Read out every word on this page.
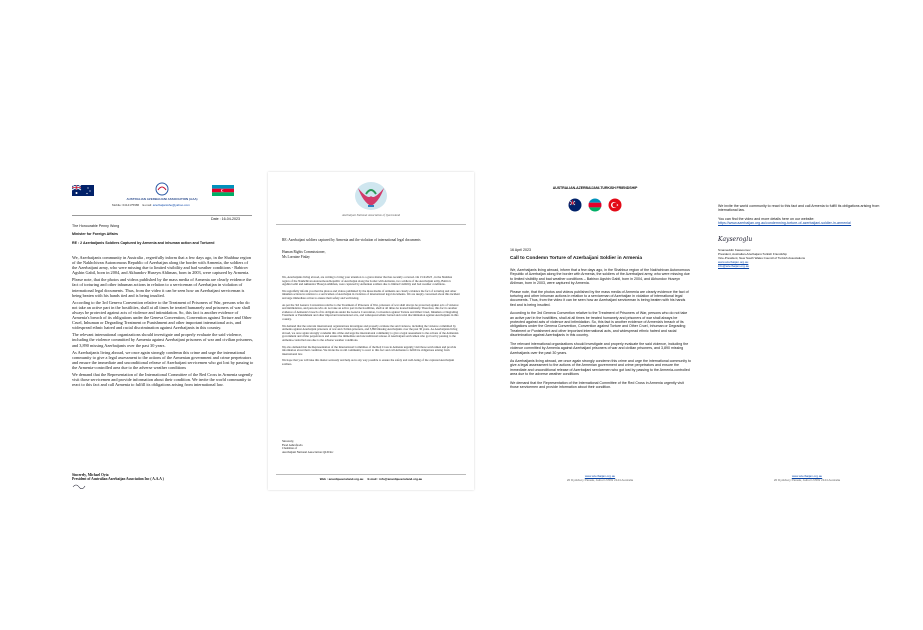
AUSTRALIAN AZERBAIJANI ASSOCIATION (AAA)
Mobile: 0414175986 E-mail: azerbaijanishe@yahoo.com
Date : 16-04-2023
The Honourable Penny Wong
Minister for Foreign Affairs
RE : 2 Azerbaijanis Soldiers Captured by Armenia and inhuman action and Tortured

We, Azerbaijanis community in Australia , regretfully inform that a few days ago, in the Shahbuz region of the Nakhchivan Autonomous Republic of Azerbaijan along the border with Armenia, the soldiers of the Azerbaijani army, who were missing due to limited visibility and bad weather conditions - Babirov Agshin Gabil, born in 2004, and Akhundov Huseyn Ahliman, born in 2003, were captured by Armenia.

Please note, that the photos and videos published by the mass media of Armenia are clearly evidence the fact of torturing and other inhuman actions in relation to a serviceman of Azerbaijan in violation of international legal documents. Thus, from the video it can be seen how an Azerbaijani serviceman is being beaten with his hands tied and is being insulted.

According to the 3rd Geneva Convention relative to the Treatment of Prisoners of War, persons who do not take an active part in the hostilities, shall at all times be treated humanely and prisoners of war shall always be protected against acts of violence and intimidation. So, this fact is another evidence of Armenia's breach of its obligations under the Geneva Convention, Convention against Torture and Other Cruel, Inhuman or Degrading Treatment or Punishment and other important international acts, and widespread ethnic hatred and racial discrimination against Azerbaijanis in this country.

The relevant international organizations should investigate and properly evaluate the said violence, including the violence committed by Armenia against Azerbaijani prisoners of war and civilian prisoners, and 3,890 missing Azerbaijanis over the past 30 years.

As Azerbaijanis living abroad, we once again strongly condemn this crime and urge the international community to give a legal assessment to the actions of the Armenian government and crime perpetrators and ensure the immediate and unconditional release of Azerbaijani servicemen who got lost by passing to the Armenia-controlled area due to the adverse weather conditions

We demand that the Representation of the International Committee of the Red Cross in Armenia urgently visit those servicemen and provide information about their condition. We invite the world community to react to this fact and call Armenia to fulfill its obligations arising from international law.

Sincerely, Michael Oyta
President of Australian Azerbaijan Association Inc ( A.A.A )
Azerbaijani National Association of Queensland
RE: Azerbaijani soldiers captured by Armenia and the violation of international legal documents
Human Rights Commissioner,
Ms Lorraine Finlay

We, Azerbaijanis living abroad, are writing to bring your attention to a grave matter that has recently occurred. On 15/4/2023 , in the Shahbuz region of the Nakhchivan Autonomous Republic of Azerbaijan along the border with Armenia, two soldiers of the Azerbaijani army, Babirov Agshin Gabil and Akhundov Huseyn Ahliman, were captured by Armenian soldiers due to limited visibility and bad weather conditions.

We regretfully inform you that the photos and videos published by the mass media of Armenia are clearly evidence the fact of torturing and other inhuman actions in relation to a serviceman of Azerbaijan in violation of international legal documents. We are deeply concerned about this incident and urge immediate action to ensure their safety and well-being.

As per the 3rd Geneva Convention relative to the Treatment of Prisoners of War, prisoners of war shall always be protected against acts of violence and intimidation, and persons who do not take an active part in the hostilities, shall at all times be treated humanely. Therefore, this fact is another evidence of Armenia's breach of its obligations under the Geneva Convention, Convention against Torture and Other Cruel, Inhuman or Degrading Treatment or Punishment and other important international acts, and widespread ethnic hatred and racial discrimination against Azerbaijanis in this country.

We demand that the relevant international organizations investigate and properly evaluate the said violence, including the violence committed by Armenia against Azerbaijani prisoners of war and civilian prisoners, and 3,890 missing Azerbaijanis over the past 30 years. As Azerbaijanis living abroad, we once again strongly condemn this crime and urge the international community to give a legal assessment to the actions of the Armenian government and crime perpetrators and ensure the immediate and unconditional release of Azerbaijani servicemen who got lost by passing to the Armenia-controlled area due to the adverse weather conditions.

We also demand that the Representation of the International Committee of the Red Cross in Armenia urgently visit those servicemen and provide information about their condition. We invite the world community to react to this fact and call Armenia to fulfill its obligations arising from international law.

We hope that you will take this matter seriously and help us in any way possible to ensure the safety and well-being of the captured Azerbaijani soldiers.

Sincerely,
Fuad Ashrafzoda
Chairman of
Azerbaijani National Association QLD Inc
Web : anaofqueensland.org.au     E-mail : info@anaofqueensland.org.au
AUSTRALIAN-AZERBAIJANI-TURKISH FRIENDSHIP
16 April 2023
Call to Condemn Torture of Azerbaijani Soldier in Armenia

We, Azerbaijanis living abroad, inform that a few days ago, in the Shahbuz region of the Nakhchivan Autonomous Republic of Azerbaijan along the border with Armenia, the soldiers of the Azerbaijani army, who were missing due to limited visibility and bad weather conditions – Babirov Agshin Gabil, born in 2004, and Akhundov Huseyn Ahliman, born in 2003, were captured by Armenia.

Please note, that the photos and videos published by the mass media of Armenia are clearly evidence the fact of torturing and other inhuman actions in relation to a serviceman of Azerbaijan in violation of international legal documents. Thus, from the video it can be seen how an Azerbaijani serviceman is being beaten with his hands tied and is being insulted.

According to the 3rd Geneva Convention relative to the Treatment of Prisoners of War, persons who do not take an active part in the hostilities, shall at all times be treated humanely and prisoners of war shall always be protected against acts of violence and intimidation. So, this fact is another evidence of Armenia's breach of its obligations under the Geneva Convention, Convention against Torture and Other Cruel, Inhuman or Degrading Treatment or Punishment and other important international acts, and widespread ethnic hatred and racial discrimination against Azerbaijanis in this country.

The relevant international organizations should investigate and properly evaluate the said violence, including the violence committed by Armenia against Azerbaijani prisoners of war and civilian prisoners, and 3,890 missing Azerbaijanis over the past 30 years.

As Azerbaijanis living abroad, we once again strongly condemn this crime and urge the international community to give a legal assessment to the actions of the Armenian government and crime perpetrators and ensure the immediate and unconditional release of Azerbaijani servicemen who got lost by passing to the Armenia-controlled area due to the adverse weather conditions

We demand that the Representation of the International Committee of the Red Cross in Armenia urgently visit those servicemen and provide information about their condition.

www.azerbaijan.org.au
20 Dydsbury Parade, Auburn NSW 2144 Australia

We invite the world community to react to this fact and call Armenia to fulfill its obligations arising from international law.

You can find the video and more details here on our website:

https://www.azerbaijan.org.au/condemning-torture-of-azerbaijani-soldier-in-armenia/
Kayseroglu
Smameddin Kassoumov
President, Australian-Azerbaijani-Turkish Friendship
Vice-President, New South Wales Council of Turkish Associations
www.azerbaijan.org.au
info@azerbaijan.org.au
www.azerbaijan.org.au
20 Dydsbury Parade, Auburn NSW 2144 Australia
